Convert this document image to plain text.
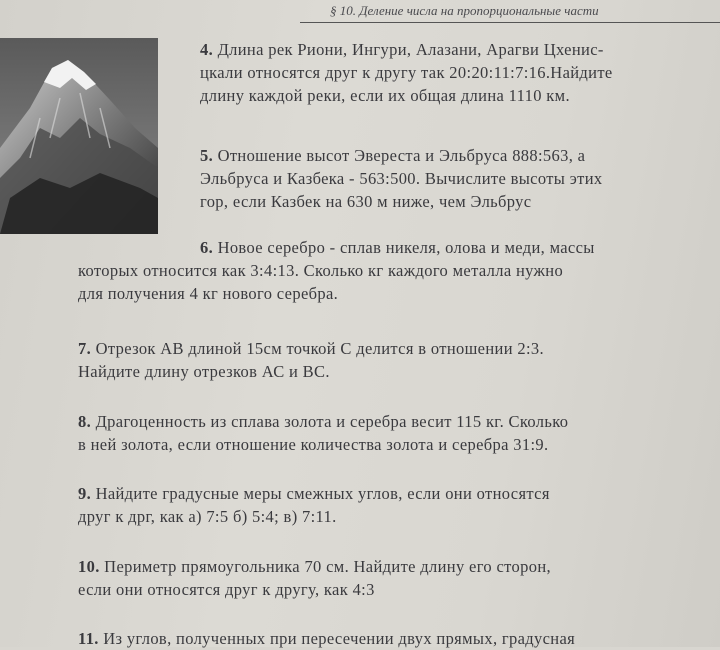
§ 10. Деление числа на пропорциональные части
4. Длина рек Риони, Ингури, Алазани, Арагви Цхенис-
цкали относятся друг к другу так 20:20:11:7:16.Найдите
длину каждой реки, если их общая длина 1110 км.
5. Отношение высот Эвереста и Эльбруса 888:563, а
Эльбруса и Казбека - 563:500. Вычислите высоты этих
гор, если Казбек на 630 м ниже, чем Эльбрус
6. Новое серебро - сплав никеля, олова и меди, массы
которых относится как 3:4:13. Сколько кг каждого металла нужно
для получения 4 кг нового серебра.
7. Отрезок АВ длиной 15см точкой С делится в отношении 2:3.
Найдите длину отрезков АС и ВС.
8. Драгоценность из сплава золота и серебра весит 115 кг. Сколько
в ней золота, если отношение количества золота и серебра 31:9.
9. Найдите градусные меры смежных углов, если они относятся
друг к дрг, как а) 7:5 б) 5:4; в) 7:11.
10. Периметр прямоугольника 70 см. Найдите длину его сторон,
если они относятся друг к другу, как 4:3
11. Из углов, полученных при пересечении двух прямых, градусная
